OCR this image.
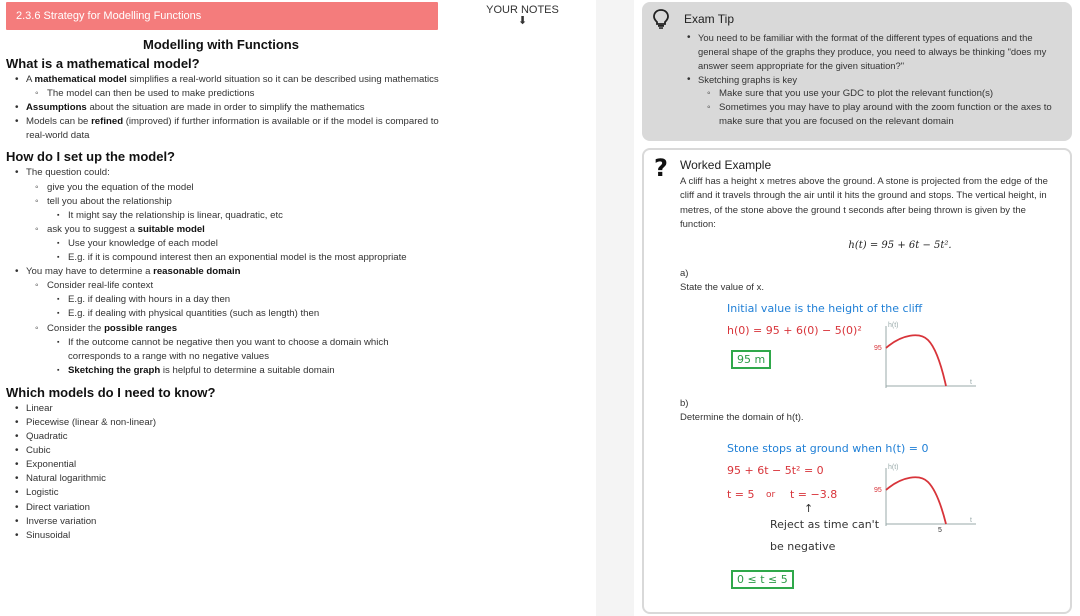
2.3.6 Strategy for Modelling Functions
Modelling with Functions
What is a mathematical model?
• A mathematical model simplifies a real-world situation so it can be described using mathematics
◦ The model can then be used to make predictions
• Assumptions about the situation are made in order to simplify the mathematics
• Models can be refined (improved) if further information is available or if the model is compared to real-world data
How do I set up the model?
• The question could:
◦ give you the equation of the model
◦ tell you about the relationship
▪ It might say the relationship is linear, quadratic, etc
◦ ask you to suggest a suitable model
▪ Use your knowledge of each model
▪ E.g. if it is compound interest then an exponential model is the most appropriate
• You may have to determine a reasonable domain
◦ Consider real-life context
▪ E.g. if dealing with hours in a day then
▪ E.g. if dealing with physical quantities (such as length) then
◦ Consider the possible ranges
▪ If the outcome cannot be negative then you want to choose a domain which corresponds to a range with no negative values
▪ Sketching the graph is helpful to determine a suitable domain
Which models do I need to know?
• Linear
• Piecewise (linear & non-linear)
• Quadratic
• Cubic
• Exponential
• Natural logarithmic
• Logistic
• Direct variation
• Inverse variation
• Sinusoidal
YOUR NOTES
⬇	Exam Tip
• You need to be familiar with the format of the different types of equations and the general shape of the graphs they produce, you need to always be thinking "does my answer seem appropriate for the given situation?"
• Sketching graphs is key
◦ Make sure that you use your GDC to plot the relevant function(s)
◦ Sometimes you may have to play around with the zoom function or the axes to make sure that you are focused on the relevant domain
? Worked Example
A cliff has a height x metres above the ground. A stone is projected from the edge of the cliff and it travels through the air until it hits the ground and stops. The vertical height, in metres, of the stone above the ground t seconds after being thrown is given by the function:
h(t) = 95 + 6t − 5t².
a)
State the value of x.
b)
Determine the domain of h(t).
Initial value is the height of the cliff
h(0) = 95 + 6(0) − 5(0)²
95 m
h(t)
95
t
Stone stops at ground when h(t) = 0
95 + 6t − 5t² = 0
t = 5 or t = −3.8
↑
Reject as time can't
be negative
0 ≤ t ≤ 5
h(t)
95
5
t
